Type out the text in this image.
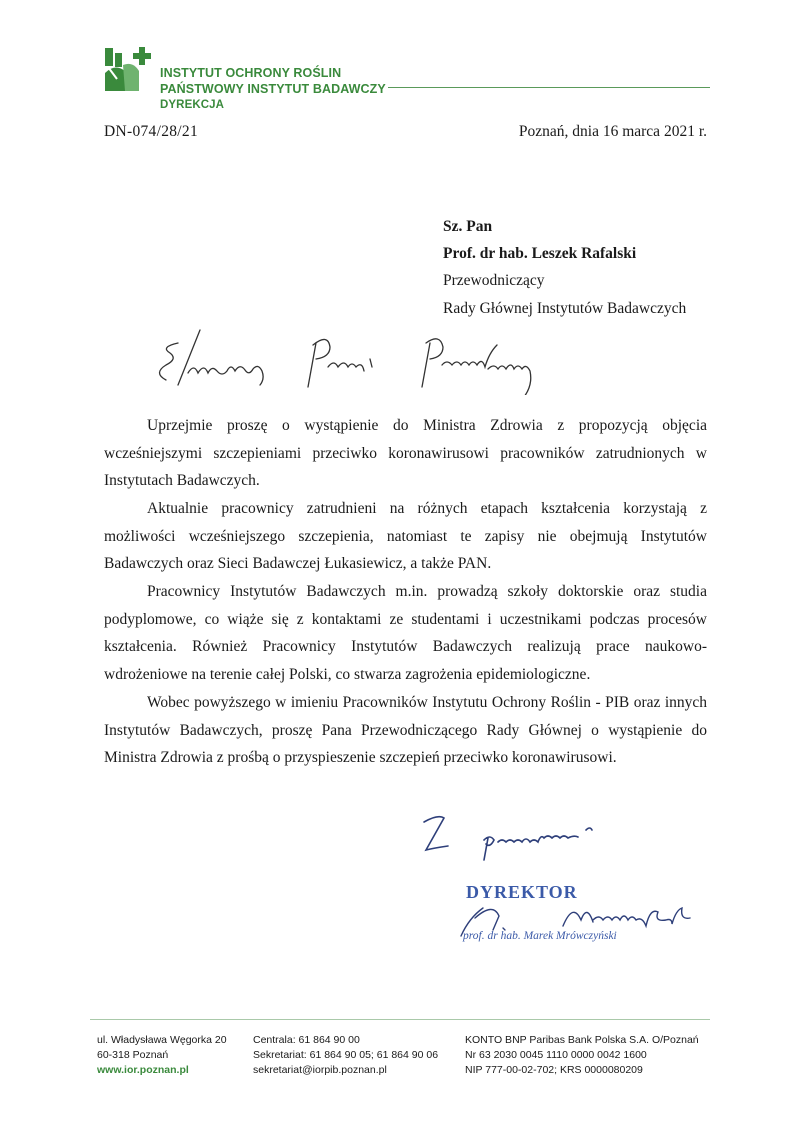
INSTYTUT OCHRONY ROŚLIN
PAŃSTWOWY INSTYTUT BADAWCZY
DYREKCJA
DN-074/28/21	Poznań, dnia 16 marca 2021 r.
Sz. Pan
Prof. dr hab. Leszek Rafalski
Przewodniczący
Rady Głównej Instytutów Badawczych

Uprzejmie proszę o wystąpienie do Ministra Zdrowia z propozycją objęcia wcześniejszymi szczepieniami przeciwko koronawirusowi pracowników zatrudnionych w Instytutach Badawczych.

Aktualnie pracownicy zatrudnieni na różnych etapach kształcenia korzystają z możliwości wcześniejszego szczepienia, natomiast te zapisy nie obejmują Instytutów Badawczych oraz Sieci Badawczej Łukasiewicz, a także PAN.

Pracownicy Instytutów Badawczych m.in. prowadzą szkoły doktorskie oraz studia podyplomowe, co wiąże się z kontaktami ze studentami i uczestnikami podczas procesów kształcenia. Również Pracownicy Instytutów Badawczych realizują prace naukowo-wdrożeniowe na terenie całej Polski, co stwarza zagrożenia epidemiologiczne.

Wobec powyższego w imieniu Pracowników Instytutu Ochrony Roślin - PIB oraz innych Instytutów Badawczych, proszę Pana Przewodniczącego Rady Głównej o wystąpienie do Ministra Zdrowia z prośbą o przyspieszenie szczepień przeciwko koronawirusowi.

DYREKTOR
prof. dr hab. Marek Mrówczyński
ul. Władysława Węgorka 20
60-318 Poznań
www.ior.poznan.pl
Centrala: 61 864 90 00
Sekretariat: 61 864 90 05; 61 864 90 06
sekretariat@iorpib.poznan.pl
KONTO BNP Paribas Bank Polska S.A. O/Poznań
Nr 63 2030 0045 1110 0000 0042 1600
NIP 777-00-02-702; KRS 0000080209
